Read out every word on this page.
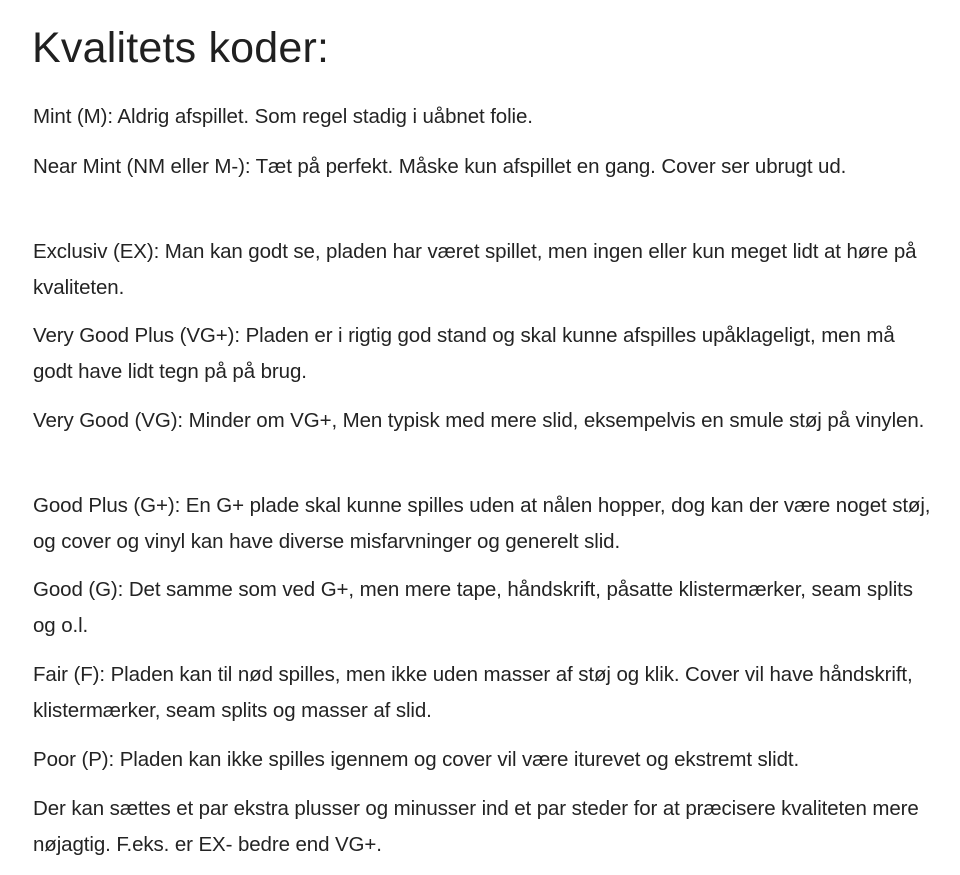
Kvalitets koder:

Mint (M): Aldrig afspillet. Som regel stadig i uåbnet folie.

Near Mint (NM eller M-): Tæt på perfekt. Måske kun afspillet en gang. Cover ser ubrugt ud.

Exclusiv (EX): Man kan godt se, pladen har været spillet, men ingen eller kun meget lidt at høre på kvaliteten.

Very Good Plus (VG+): Pladen er i rigtig god stand og skal kunne afspilles upåklageligt, men må godt have lidt tegn på på brug.

Very Good (VG): Minder om VG+, Men typisk med mere slid, eksempelvis en smule støj på vinylen.

Good Plus (G+): En G+ plade skal kunne spilles uden at nålen hopper, dog kan der være noget støj, og cover og vinyl kan have diverse misfarvninger og generelt slid.

Good (G): Det samme som ved G+, men mere tape, håndskrift, påsatte klistermærker, seam splits og o.l.

Fair (F): Pladen kan til nød spilles, men ikke uden masser af støj og klik. Cover vil have håndskrift, klistermærker, seam splits og masser af slid.

Poor (P): Pladen kan ikke spilles igennem og cover vil være iturevet og ekstremt slidt.

Der kan sættes et par ekstra plusser og minusser ind et par steder for at præcisere kvaliteten mere nøjagtig. F.eks. er EX- bedre end VG+.
